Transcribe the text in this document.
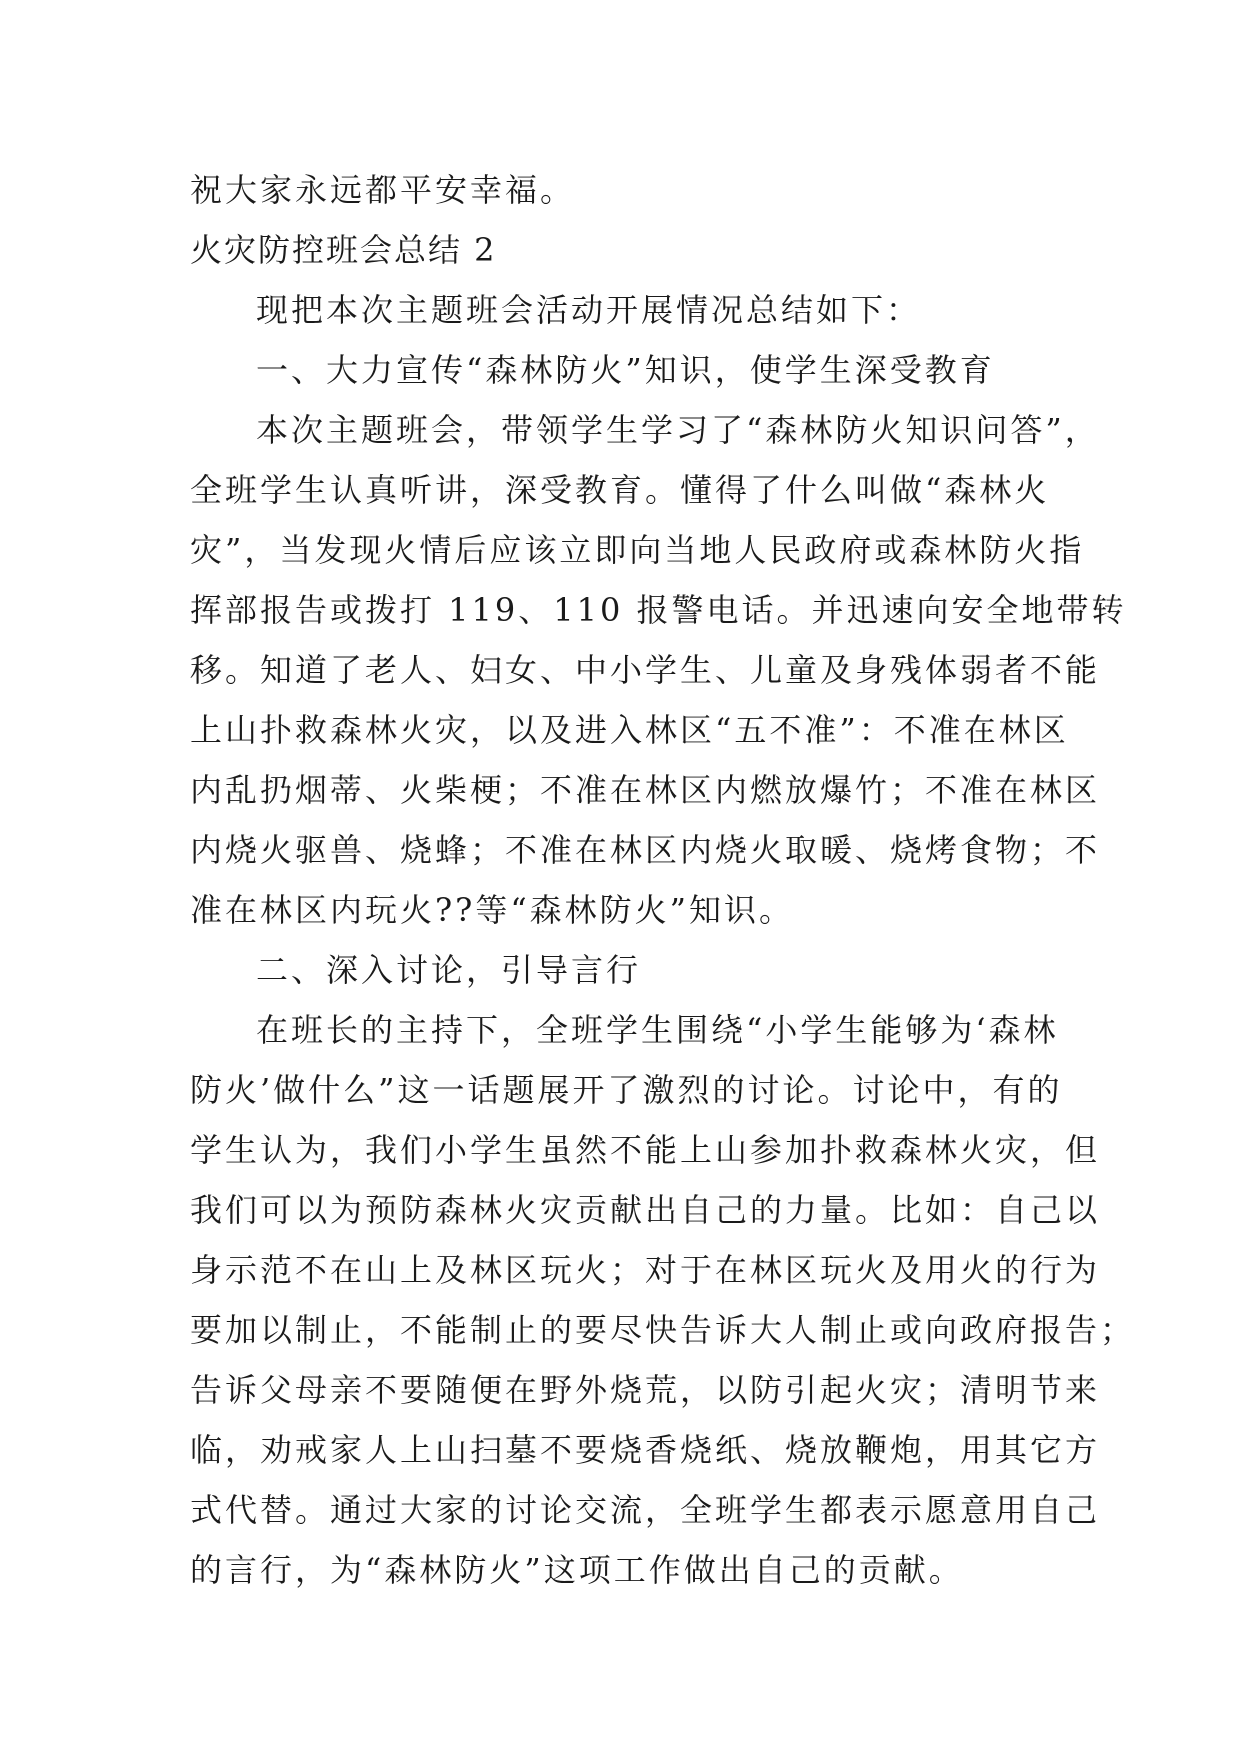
祝大家永远都平安幸福。
火灾防控班会总结 2
现把本次主题班会活动开展情况总结如下：
一、大力宣传“森林防火”知识，使学生深受教育
本次主题班会，带领学生学习了“森林防火知识问答”，
全班学生认真听讲，深受教育。懂得了什么叫做“森林火
灾”，当发现火情后应该立即向当地人民政府或森林防火指
挥部报告或拨打 119、110 报警电话。并迅速向安全地带转
移。知道了老人、妇女、中小学生、儿童及身残体弱者不能
上山扑救森林火灾，以及进入林区“五不准”：不准在林区
内乱扔烟蒂、火柴梗；不准在林区内燃放爆竹；不准在林区
内烧火驱兽、烧蜂；不准在林区内烧火取暖、烧烤食物；不
准在林区内玩火??等“森林防火”知识。
二、深入讨论，引导言行
在班长的主持下，全班学生围绕“小学生能够为‘森林
防火’做什么”这一话题展开了激烈的讨论。讨论中，有的
学生认为，我们小学生虽然不能上山参加扑救森林火灾，但
我们可以为预防森林火灾贡献出自己的力量。比如：自己以
身示范不在山上及林区玩火；对于在林区玩火及用火的行为
要加以制止，不能制止的要尽快告诉大人制止或向政府报告；
告诉父母亲不要随便在野外烧荒，以防引起火灾；清明节来
临，劝戒家人上山扫墓不要烧香烧纸、烧放鞭炮，用其它方
式代替。通过大家的讨论交流，全班学生都表示愿意用自己
的言行，为“森林防火”这项工作做出自己的贡献。
